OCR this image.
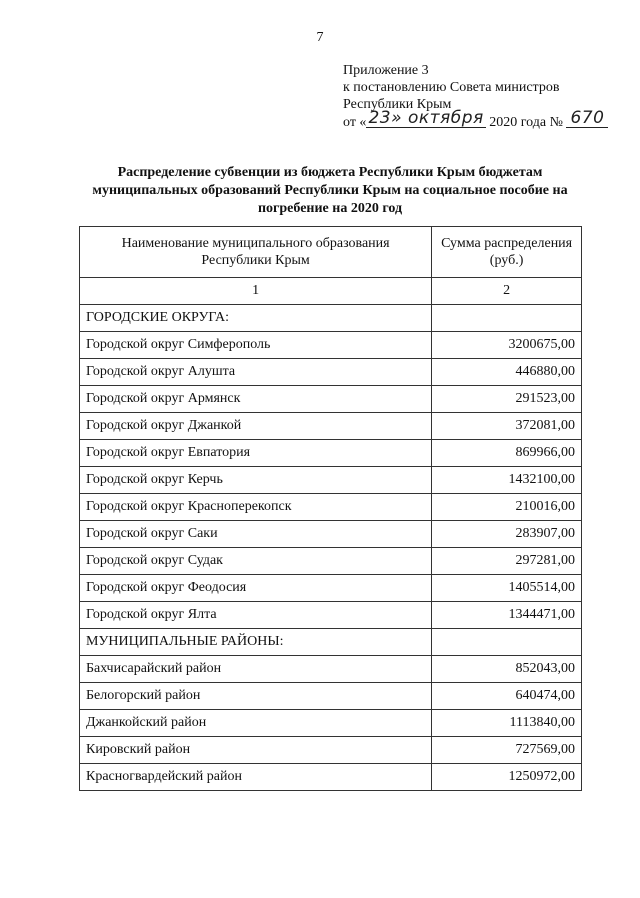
7
Приложение 3
к постановлению Совета министров
Республики Крым
от « 23» октября 2020 года № 670
Распределение субвенции из бюджета Республики Крым бюджетам муниципальных образований Республики Крым на социальное пособие на погребение на 2020 год
Наименование муниципального образования Республики Крым	Сумма распределения (руб.)
1	2
ГОРОДСКИЕ ОКРУГА:	
Городской округ Симферополь	3200675,00
Городской округ Алушта	446880,00
Городской округ Армянск	291523,00
Городской округ Джанкой	372081,00
Городской округ Евпатория	869966,00
Городской округ Керчь	1432100,00
Городской округ Красноперекопск	210016,00
Городской округ Саки	283907,00
Городской округ Судак	297281,00
Городской округ Феодосия	1405514,00
Городской округ Ялта	1344471,00
МУНИЦИПАЛЬНЫЕ РАЙОНЫ:	
Бахчисарайский район	852043,00
Белогорский район	640474,00
Джанкойский район	1113840,00
Кировский район	727569,00
Красногвардейский район	1250972,00
